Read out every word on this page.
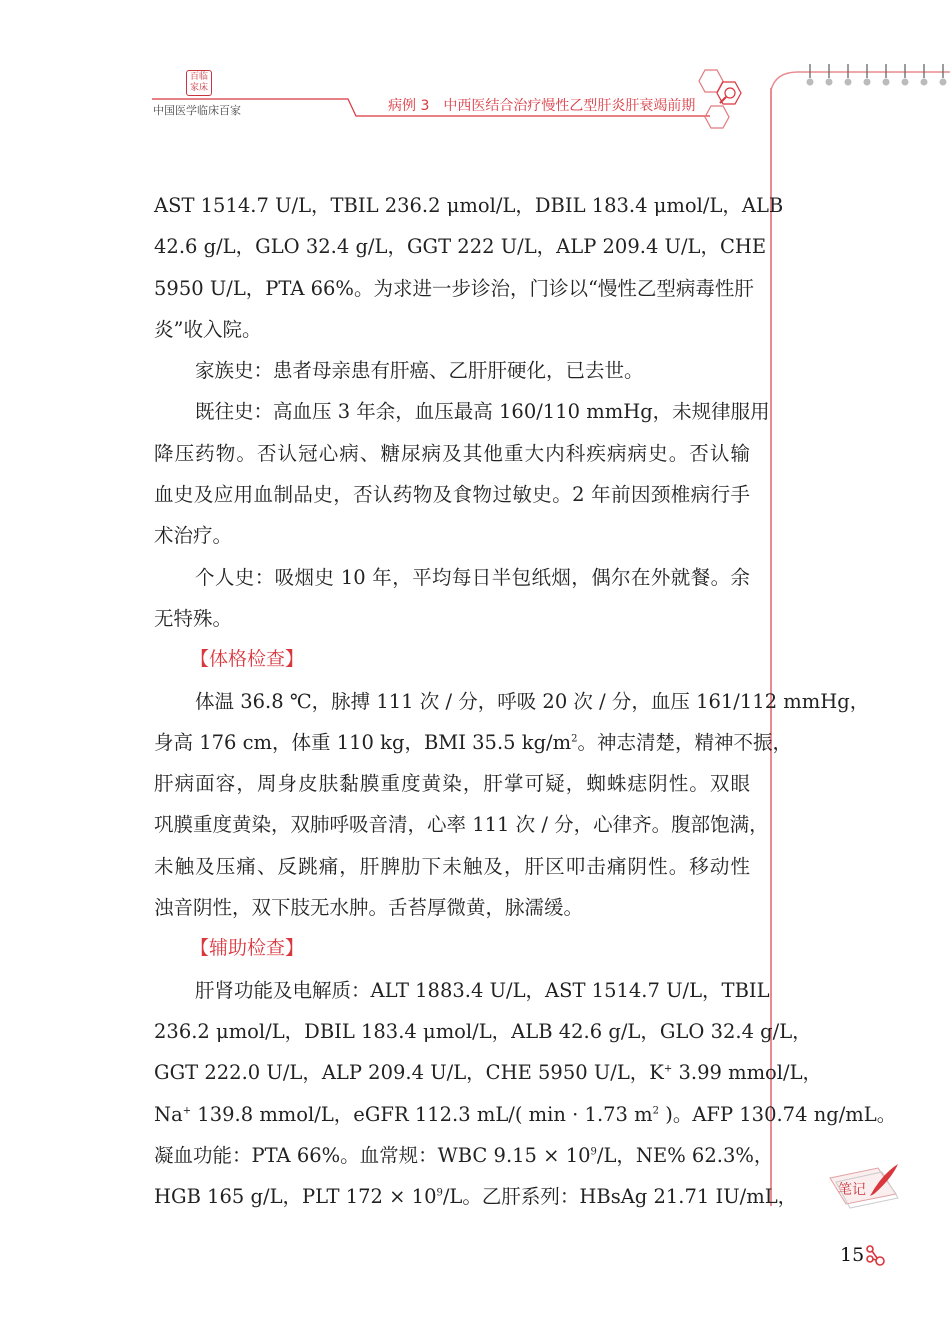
百临家床
中国医学临床百家	病例 3 中西医结合治疗慢性乙型肝炎肝衰竭前期
AST 1514.7 U/L，TBIL 236.2 μmol/L，DBIL 183.4 μmol/L，ALB
42.6 g/L，GLO 32.4 g/L，GGT 222 U/L，ALP 209.4 U/L，CHE
5950 U/L，PTA 66%。为求进一步诊治，门诊以“慢性乙型病毒性肝
炎”收入院。
家族史：患者母亲患有肝癌、乙肝肝硬化，已去世。
既往史：高血压 3 年余，血压最高 160/110 mmHg，未规律服用
降压药物。否认冠心病、糖尿病及其他重大内科疾病病史。否认输
血史及应用血制品史，否认药物及食物过敏史。2 年前因颈椎病行手
术治疗。
个人史：吸烟史 10 年，平均每日半包纸烟，偶尔在外就餐。余
无特殊。
【体格检查】
体温 36.8 ℃，脉搏 111 次 / 分，呼吸 20 次 / 分，血压 161/112 mmHg，
身高 176 cm，体重 110 kg，BMI 35.5 $kg/m^2$。神志清楚，精神不振，
肝病面容，周身皮肤黏膜重度黄染，肝掌可疑，蜘蛛痣阴性。双眼
巩膜重度黄染，双肺呼吸音清，心率 111 次 / 分，心律齐。腹部饱满，
未触及压痛、反跳痛，肝脾肋下未触及，肝区叩击痛阴性。移动性
浊音阴性，双下肢无水肿。舌苔厚微黄，脉濡缓。
【辅助检查】
肝肾功能及电解质：ALT 1883.4 U/L，AST 1514.7 U/L，TBIL
236.2 μmol/L，DBIL 183.4 μmol/L，ALB 42.6 g/L，GLO 32.4 g/L，
GGT 222.0 U/L，ALP 209.4 U/L，CHE 5950 U/L，K+ 3.99 mmol/L，
Na+ 139.8 mmol/L，eGFR 112.3 mL/( min · 1.73 $m^2$ )。AFP 130.74 ng/mL。
凝血功能：PTA 66%。血常规：WBC $9.15 \times 10^9/L$，NE% 62.3%，
HGB 165 g/L，PLT $172 \times 10^9/L$。乙肝系列：HBsAg 21.71 IU/mL，	笔记
15
